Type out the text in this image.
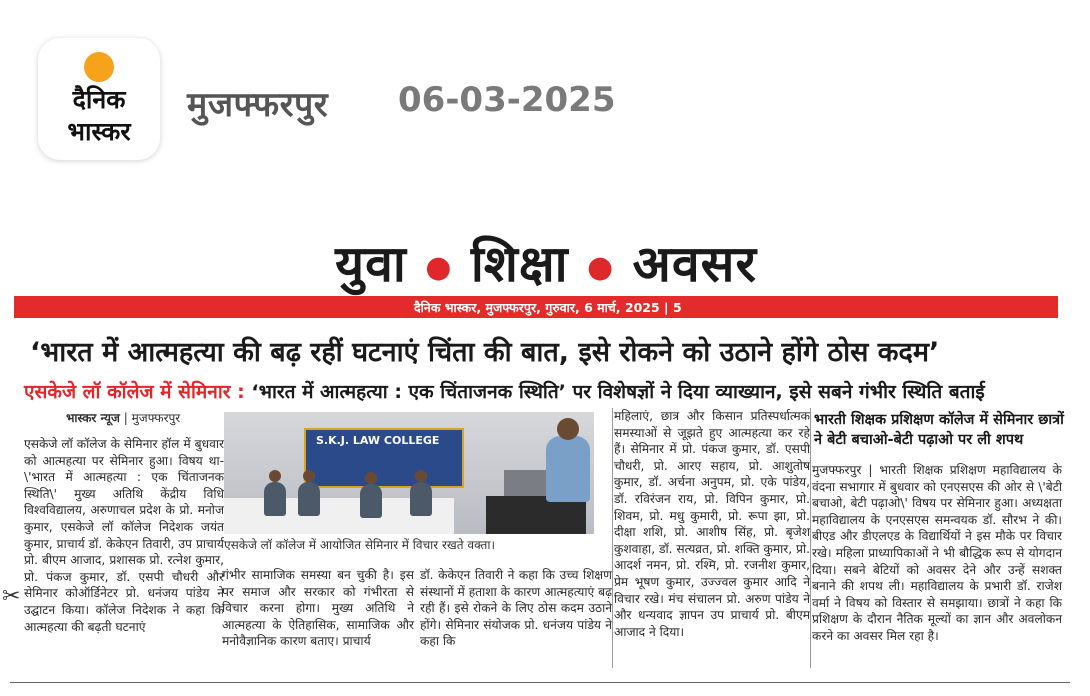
दैनिक
भास्कर
मुजफ्फरपुर 06-03-2025
युवा ● शिक्षा ● अवसर
दैनिक भास्कर, मुजफ्फरपुर, गुरुवार, 6 मार्च, 2025 | 5
‘भारत में आत्महत्या की बढ़ रहीं घटनाएं चिंता की बात, इसे रोकने को उठाने होंगे ठोस कदम’
एसकेजे लॉ कॉलेज में सेमिनार : ‘भारत में आत्महत्या : एक चिंताजनक स्थिति’ पर विशेषज्ञों ने दिया व्याख्यान, इसे सबने गंभीर स्थिति बताई
भास्कर न्यूज | मुजफ्फरपुर
एसकेजे लॉ कॉलेज के सेमिनार हॉल में बुधवार को आत्महत्या पर सेमिनार हुआ। विषय था- \'भारत में आत्महत्या : एक चिंताजनक स्थिति\' मुख्य अतिथि केंद्रीय विधि विश्वविद्यालय, अरुणाचल प्रदेश के प्रो. मनोज कुमार, एसकेजे लॉ कॉलेज निदेशक जयंत कुमार, प्राचार्य डॉ. केकेएन तिवारी, उप प्राचार्य प्रो. बीएम आजाद, प्रशासक प्रो. रत्नेश कुमार, प्रो. पंकज कुमार, डॉ. एसपी चौधरी और सेमिनार कोऑर्डिनेटर प्रो. धनंजय पांडेय ने उद्घाटन किया। कॉलेज निदेशक ने कहा कि आत्महत्या की बढ़ती घटनाएं
S.K.J. LAW COLLEGE
एसकेजे लॉ कॉलेज में आयोजित सेमिनार में विचार रखते वक्ता।
गंभीर सामाजिक समस्या बन चुकी है। इस पर समाज और सरकार को गंभीरता से विचार करना होगा। मुख्य अतिथि ने आत्महत्या के ऐतिहासिक, सामाजिक और मनोवैज्ञानिक कारण बताए। प्राचार्य
डॉ. केकेएन तिवारी ने कहा कि उच्च शिक्षण संस्थानों में हताशा के कारण आत्महत्याएं बढ़ रही हैं। इसे रोकने के लिए ठोस कदम उठाने होंगे। सेमिनार संयोजक प्रो. धनंजय पांडेय ने कहा कि
महिलाएं, छात्र और किसान प्रतिस्पर्धात्मक समस्याओं से जूझते हुए आत्महत्या कर रहे हैं। सेमिनार में प्रो. पंकज कुमार, डॉ. एसपी चौधरी, प्रो. आरए सहाय, प्रो. आशुतोष कुमार, डॉ. अर्चना अनुपम, प्रो. एके पांडेय, डॉ. रविरंजन राय, प्रो. विपिन कुमार, प्रो. शिवम, प्रो. मधु कुमारी, प्रो. रूपा झा, प्रो. दीक्षा शशि, प्रो. आशीष सिंह, प्रो. बृजेश कुशवाहा, डॉ. सत्यव्रत, प्रो. शक्ति कुमार, प्रो. आदर्श नमन, प्रो. रश्मि, प्रो. रजनीश कुमार, प्रेम भूषण कुमार, उज्ज्वल कुमार आदि ने विचार रखे। मंच संचालन प्रो. अरुण पांडेय ने और धन्यवाद ज्ञापन उप प्राचार्य प्रो. बीएम आजाद ने दिया।
भारती शिक्षक प्रशिक्षण कॉलेज में सेमिनार छात्रों ने बेटी बचाओ-बेटी पढ़ाओ पर ली शपथ
मुजफ्फरपुर | भारती शिक्षक प्रशिक्षण महाविद्यालय के वंदना सभागार में बुधवार को एनएसएस की ओर से \'बेटी बचाओ, बेटी पढ़ाओ\' विषय पर सेमिनार हुआ। अध्यक्षता महाविद्यालय के एनएसएस समन्वयक डॉ. सौरभ ने की। बीएड और डीएलएड के विद्यार्थियों ने इस मौके पर विचार रखे। महिला प्राध्यापिकाओं ने भी बौद्धिक रूप से योगदान दिया। सबने बेटियों को अवसर देने और उन्हें सशक्त बनाने की शपथ ली। महाविद्यालय के प्रभारी डॉ. राजेश वर्मा ने विषय को विस्तार से समझाया। छात्रों ने कहा कि प्रशिक्षण के दौरान नैतिक मूल्यों का ज्ञान और अवलोकन करने का अवसर मिल रहा है।
✂
